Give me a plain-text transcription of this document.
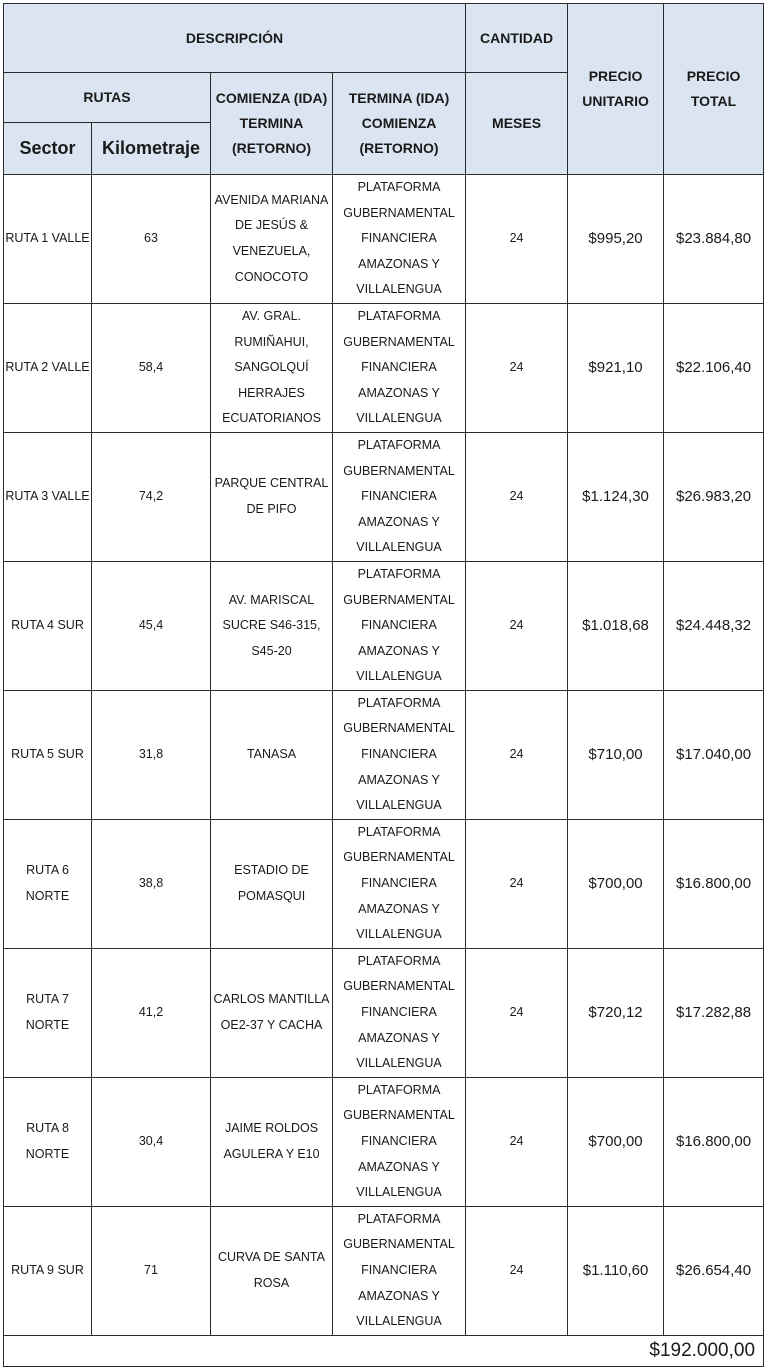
DESCRIPCIÓN				CANTIDAD	PRECIO UNITARIO	PRECIO TOTAL
RUTAS		COMIENZA (IDA) TERMINA (RETORNO)	TERMINA (IDA) COMIENZA (RETORNO)	MESES		
Sector	Kilometraje					
RUTA 1 VALLE	63	AVENIDA MARIANA DE JESÚS & VENEZUELA, CONOCOTO	PLATAFORMA GUBERNAMENTAL FINANCIERA AMAZONAS Y VILLALENGUA	24	$995,20	$23.884,80
RUTA 2 VALLE	58,4	AV. GRAL. RUMIÑAHUI, SANGOLQUÍ HERRAJES ECUATORIANOS	PLATAFORMA GUBERNAMENTAL FINANCIERA AMAZONAS Y VILLALENGUA	24	$921,10	$22.106,40
RUTA 3 VALLE	74,2	PARQUE CENTRAL DE PIFO	PLATAFORMA GUBERNAMENTAL FINANCIERA AMAZONAS Y VILLALENGUA	24	$1.124,30	$26.983,20
RUTA 4 SUR	45,4	AV. MARISCAL SUCRE S46-315, S45-20	PLATAFORMA GUBERNAMENTAL FINANCIERA AMAZONAS Y VILLALENGUA	24	$1.018,68	$24.448,32
RUTA 5 SUR	31,8	TANASA	PLATAFORMA GUBERNAMENTAL FINANCIERA AMAZONAS Y VILLALENGUA	24	$710,00	$17.040,00
RUTA 6 NORTE	38,8	ESTADIO DE POMASQUI	PLATAFORMA GUBERNAMENTAL FINANCIERA AMAZONAS Y VILLALENGUA	24	$700,00	$16.800,00
RUTA 7 NORTE	41,2	CARLOS MANTILLA OE2-37 Y CACHA	PLATAFORMA GUBERNAMENTAL FINANCIERA AMAZONAS Y VILLALENGUA	24	$720,12	$17.282,88
RUTA 8 NORTE	30,4	JAIME ROLDOS AGULERA Y E10	PLATAFORMA GUBERNAMENTAL FINANCIERA AMAZONAS Y VILLALENGUA	24	$700,00	$16.800,00
RUTA 9 SUR	71	CURVA DE SANTA ROSA	PLATAFORMA GUBERNAMENTAL FINANCIERA AMAZONAS Y VILLALENGUA	24	$1.110,60	$26.654,40
					$192.000,00	
